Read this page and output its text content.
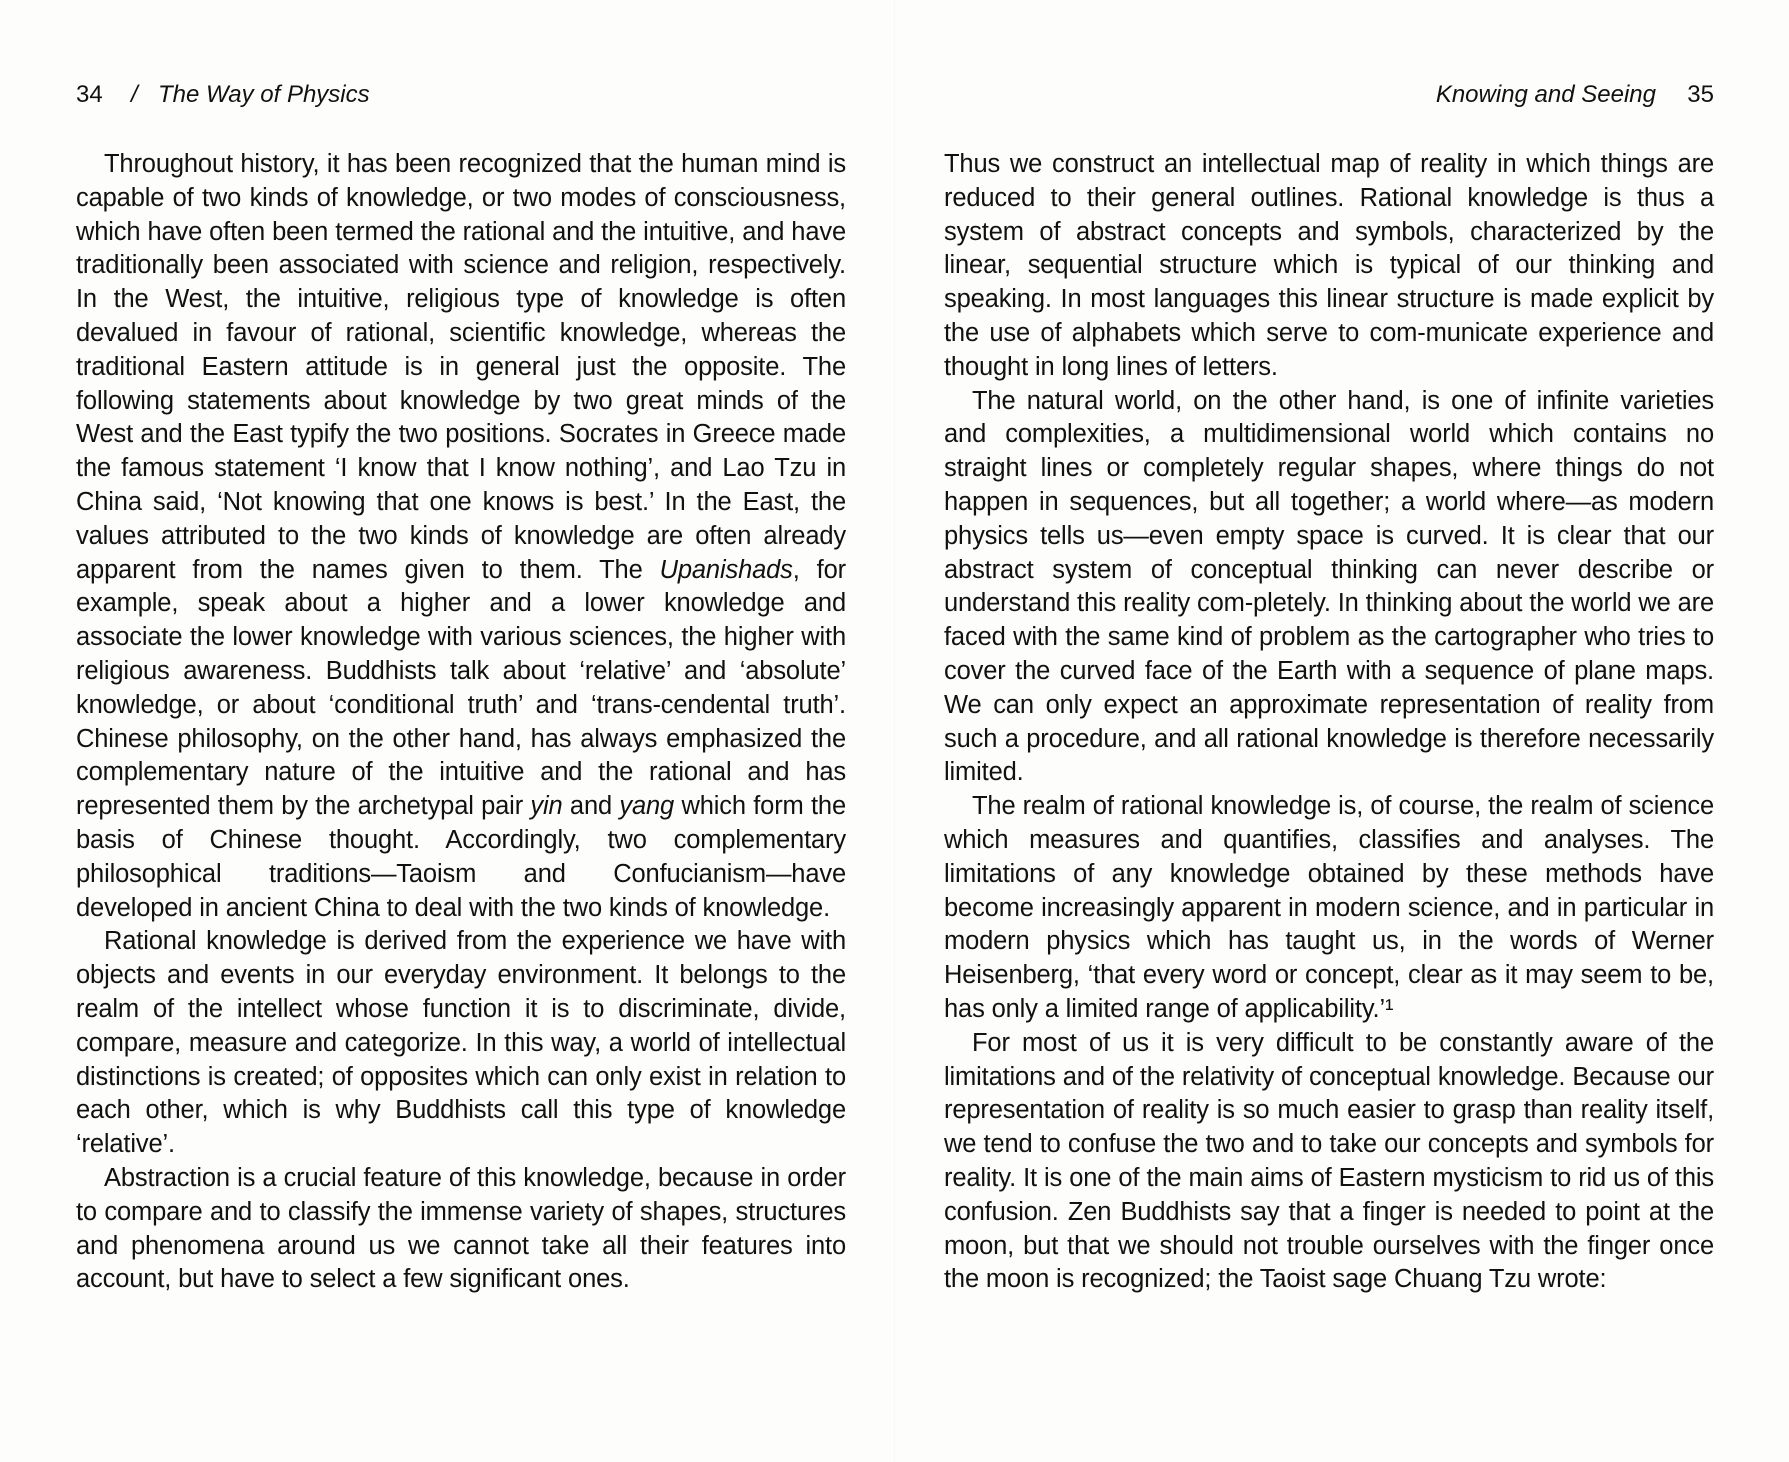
34 / The Way of Physics

Throughout history, it has been recognized that the human mind is capable of two kinds of knowledge, or two modes of consciousness, which have often been termed the rational and the intuitive, and have traditionally been associated with science and religion, respectively. In the West, the intuitive, religious type of knowledge is often devalued in favour of rational, scientific knowledge, whereas the traditional Eastern attitude is in general just the opposite. The following statements about knowledge by two great minds of the West and the East typify the two positions. Socrates in Greece made the famous statement ‘I know that I know nothing’, and Lao Tzu in China said, ‘Not knowing that one knows is best.’ In the East, the values attributed to the two kinds of knowledge are often already apparent from the names given to them. The Upanishads, for example, speak about a higher and a lower knowledge and associate the lower knowledge with various sciences, the higher with religious awareness. Buddhists talk about ‘relative’ and ‘absolute’ knowledge, or about ‘conditional truth’ and ‘trans-cendental truth’. Chinese philosophy, on the other hand, has always emphasized the complementary nature of the intuitive and the rational and has represented them by the archetypal pair yin and yang which form the basis of Chinese thought. Accordingly, two complementary philosophical traditions—Taoism and Confucianism—have developed in ancient China to deal with the two kinds of knowledge.

Rational knowledge is derived from the experience we have with objects and events in our everyday environment. It belongs to the realm of the intellect whose function it is to discriminate, divide, compare, measure and categorize. In this way, a world of intellectual distinctions is created; of opposites which can only exist in relation to each other, which is why Buddhists call this type of knowledge ‘relative’.

Abstraction is a crucial feature of this knowledge, because in order to compare and to classify the immense variety of shapes, structures and phenomena around us we cannot take all their features into account, but have to select a few significant ones.

Knowing and Seeing 35

Thus we construct an intellectual map of reality in which things are reduced to their general outlines. Rational knowledge is thus a system of abstract concepts and symbols, characterized by the linear, sequential structure which is typical of our thinking and speaking. In most languages this linear structure is made explicit by the use of alphabets which serve to com-municate experience and thought in long lines of letters.

The natural world, on the other hand, is one of infinite varieties and complexities, a multidimensional world which contains no straight lines or completely regular shapes, where things do not happen in sequences, but all together; a world where—as modern physics tells us—even empty space is curved. It is clear that our abstract system of conceptual thinking can never describe or understand this reality com-pletely. In thinking about the world we are faced with the same kind of problem as the cartographer who tries to cover the curved face of the Earth with a sequence of plane maps. We can only expect an approximate representation of reality from such a procedure, and all rational knowledge is therefore necessarily limited.

The realm of rational knowledge is, of course, the realm of science which measures and quantifies, classifies and analyses. The limitations of any knowledge obtained by these methods have become increasingly apparent in modern science, and in particular in modern physics which has taught us, in the words of Werner Heisenberg, ‘that every word or concept, clear as it may seem to be, has only a limited range of applicability.’¹

For most of us it is very difficult to be constantly aware of the limitations and of the relativity of conceptual knowledge. Because our representation of reality is so much easier to grasp than reality itself, we tend to confuse the two and to take our concepts and symbols for reality. It is one of the main aims of Eastern mysticism to rid us of this confusion. Zen Buddhists say that a finger is needed to point at the moon, but that we should not trouble ourselves with the finger once the moon is recognized; the Taoist sage Chuang Tzu wrote:
